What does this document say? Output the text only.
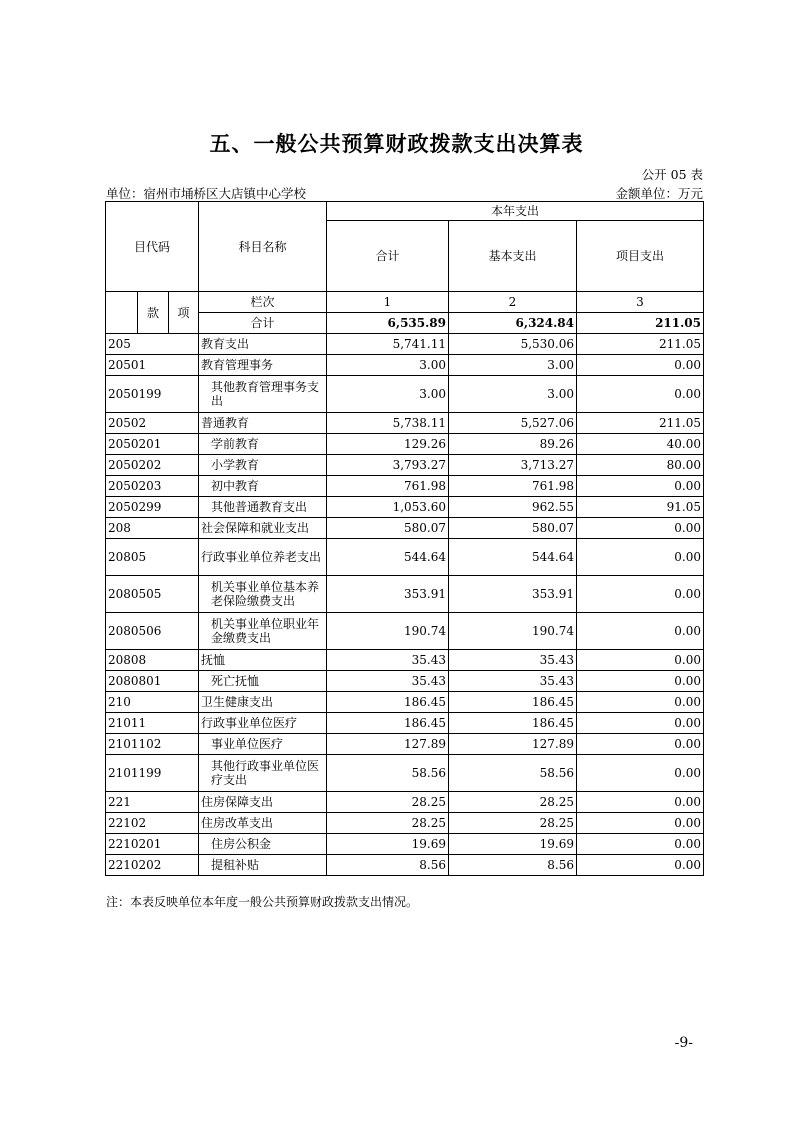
五、一般公共预算财政拨款支出决算表
公开 05 表
单位：宿州市埇桥区大店镇中心学校	金额单位：万元
目代码			科目名称	本年支出		
				合计	基本支出	项目支出
	款	项	栏次	1	2	3
			合计	6,535.89	6,324.84	211.05
205			教育支出	5,741.11	5,530.06	211.05
20501			教育管理事务	3.00	3.00	0.00
2050199			其他教育管理事务支出	3.00	3.00	0.00
20502			普通教育	5,738.11	5,527.06	211.05
2050201			学前教育	129.26	89.26	40.00
2050202			小学教育	3,793.27	3,713.27	80.00
2050203			初中教育	761.98	761.98	0.00
2050299			其他普通教育支出	1,053.60	962.55	91.05
208			社会保障和就业支出	580.07	580.07	0.00
20805			行政事业单位养老支出	544.64	544.64	0.00
2080505			机关事业单位基本养老保险缴费支出	353.91	353.91	0.00
2080506			机关事业单位职业年金缴费支出	190.74	190.74	0.00
20808			抚恤	35.43	35.43	0.00
2080801			死亡抚恤	35.43	35.43	0.00
210			卫生健康支出	186.45	186.45	0.00
21011			行政事业单位医疗	186.45	186.45	0.00
2101102			事业单位医疗	127.89	127.89	0.00
2101199			其他行政事业单位医疗支出	58.56	58.56	0.00
221			住房保障支出	28.25	28.25	0.00
22102			住房改革支出	28.25	28.25	0.00
2210201			住房公积金	19.69	19.69	0.00
2210202			提租补贴	8.56	8.56	0.00
注：本表反映单位本年度一般公共预算财政拨款支出情况。
-9-
